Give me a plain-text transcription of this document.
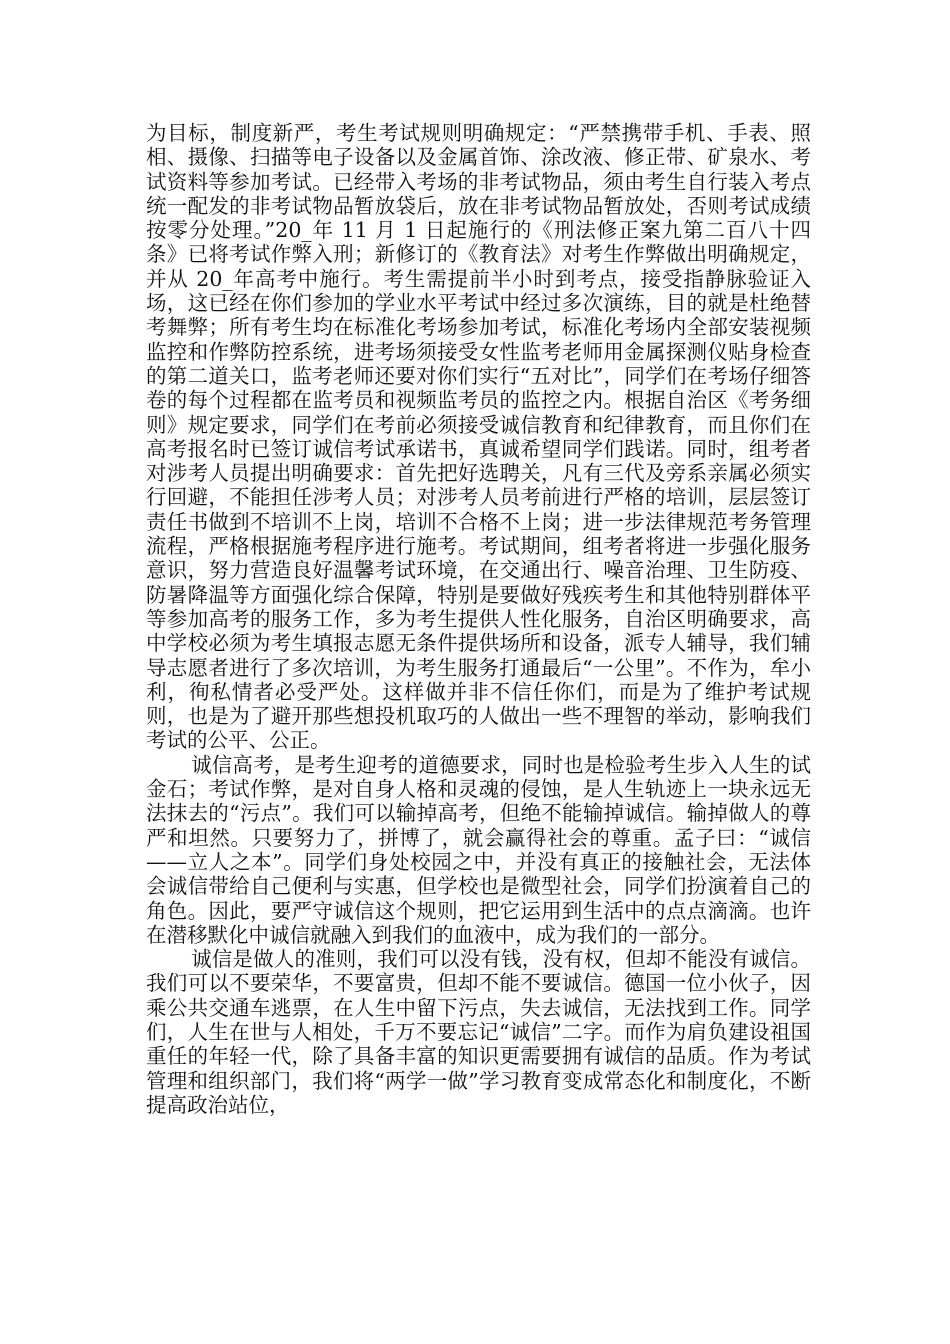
为目标，制度新严，考生考试规则明确规定：“严禁携带手机、手表、照相、摄像、扫描等电子设备以及金属首饰、涂改液、修正带、矿泉水、考试资料等参加考试。已经带入考场的非考试物品，须由考生自行装入考点统一配发的非考试物品暂放袋后，放在非考试物品暂放处，否则考试成绩按零分处理。”20_年 11 月 1 日起施行的《刑法修正案九第二百八十四条》已将考试作弊入刑；新修订的《教育法》对考生作弊做出明确规定，并从 20_年高考中施行。考生需提前半小时到考点，接受指静脉验证入场，这已经在你们参加的学业水平考试中经过多次演练，目的就是杜绝替考舞弊；所有考生均在标准化考场参加考试，标准化考场内全部安装视频监控和作弊防控系统，进考场须接受女性监考老师用金属探测仪贴身检查的第二道关口，监考老师还要对你们实行“五对比”，同学们在考场仔细答卷的每个过程都在监考员和视频监考员的监控之内。根据自治区《考务细则》规定要求，同学们在考前必须接受诚信教育和纪律教育，而且你们在高考报名时已签订诚信考试承诺书，真诚希望同学们践诺。同时，组考者对涉考人员提出明确要求：首先把好选聘关，凡有三代及旁系亲属必须实行回避，不能担任涉考人员；对涉考人员考前进行严格的培训，层层签订责任书做到不培训不上岗，培训不合格不上岗；进一步法律规范考务管理流程，严格根据施考程序进行施考。考试期间，组考者将进一步强化服务意识，努力营造良好温馨考试环境，在交通出行、噪音治理、卫生防疫、防暑降温等方面强化综合保障，特别是要做好残疾考生和其他特别群体平等参加高考的服务工作，多为考生提供人性化服务，自治区明确要求，高中学校必须为考生填报志愿无条件提供场所和设备，派专人辅导，我们辅导志愿者进行了多次培训，为考生服务打通最后“一公里”。不作为，牟小利，徇私情者必受严处。这样做并非不信任你们，而是为了维护考试规则，也是为了避开那些想投机取巧的人做出一些不理智的举动，影响我们考试的公平、公正。

诚信高考，是考生迎考的道德要求，同时也是检验考生步入人生的试金石；考试作弊，是对自身人格和灵魂的侵蚀，是人生轨迹上一块永远无法抹去的“污点”。我们可以输掉高考，但绝不能输掉诚信。输掉做人的尊严和坦然。只要努力了，拼博了，就会赢得社会的尊重。孟子曰：“诚信——立人之本”。同学们身处校园之中，并没有真正的接触社会，无法体会诚信带给自己便利与实惠，但学校也是微型社会，同学们扮演着自己的角色。因此，要严守诚信这个规则，把它运用到生活中的点点滴滴。也许在潜移默化中诚信就融入到我们的血液中，成为我们的一部分。

诚信是做人的准则，我们可以没有钱，没有权，但却不能没有诚信。我们可以不要荣华，不要富贵，但却不能不要诚信。德国一位小伙子，因乘公共交通车逃票，在人生中留下污点，失去诚信，无法找到工作。同学们，人生在世与人相处，千万不要忘记“诚信”二字。而作为肩负建设祖国重任的年轻一代，除了具备丰富的知识更需要拥有诚信的品质。作为考试管理和组织部门，我们将“两学一做”学习教育变成常态化和制度化，不断提高政治站位，
